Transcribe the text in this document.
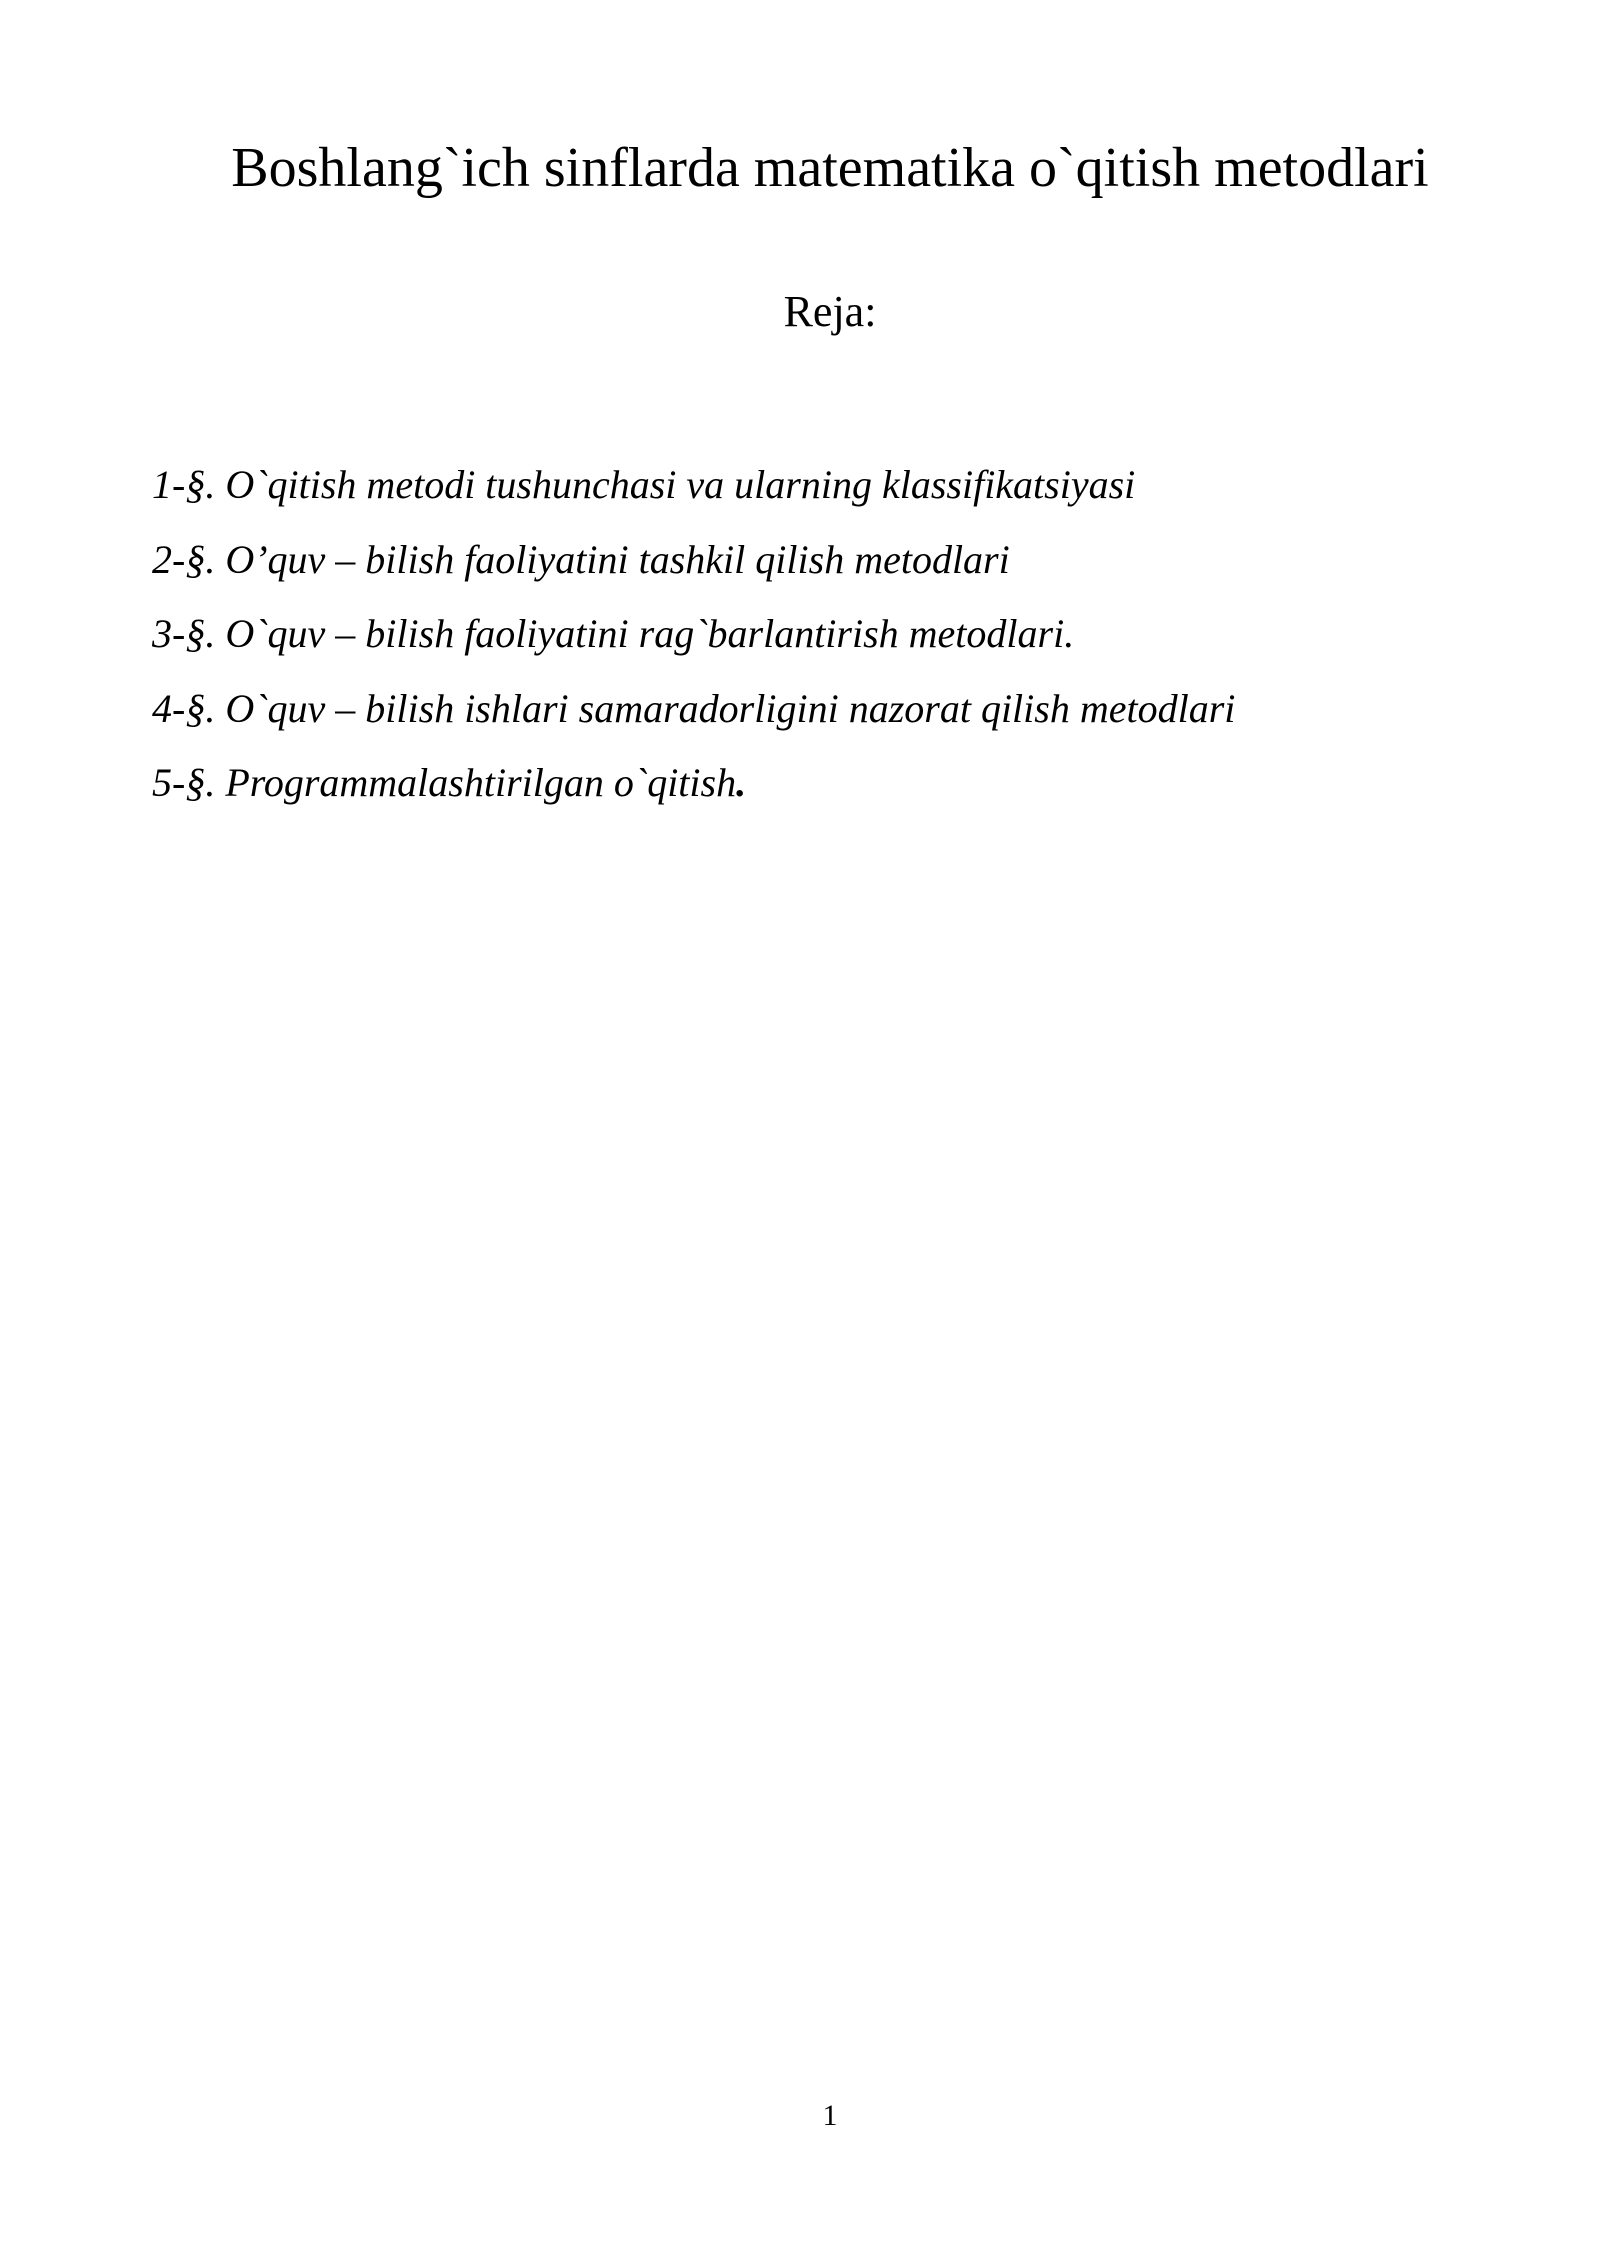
Boshlang`ich sinflarda matematika o`qitish metodlari
Reja:
1-§. O`qitish metodi tushunchasi va ularning klassifikatsiyasi
2-§. O’quv – bilish faoliyatini tashkil qilish metodlari
3-§. O`quv – bilish faoliyatini rag`barlantirish metodlari.
4-§. O`quv – bilish ishlari samaradorligini nazorat qilish metodlari
5-§. Programmalashtirilgan o`qitish.
1
